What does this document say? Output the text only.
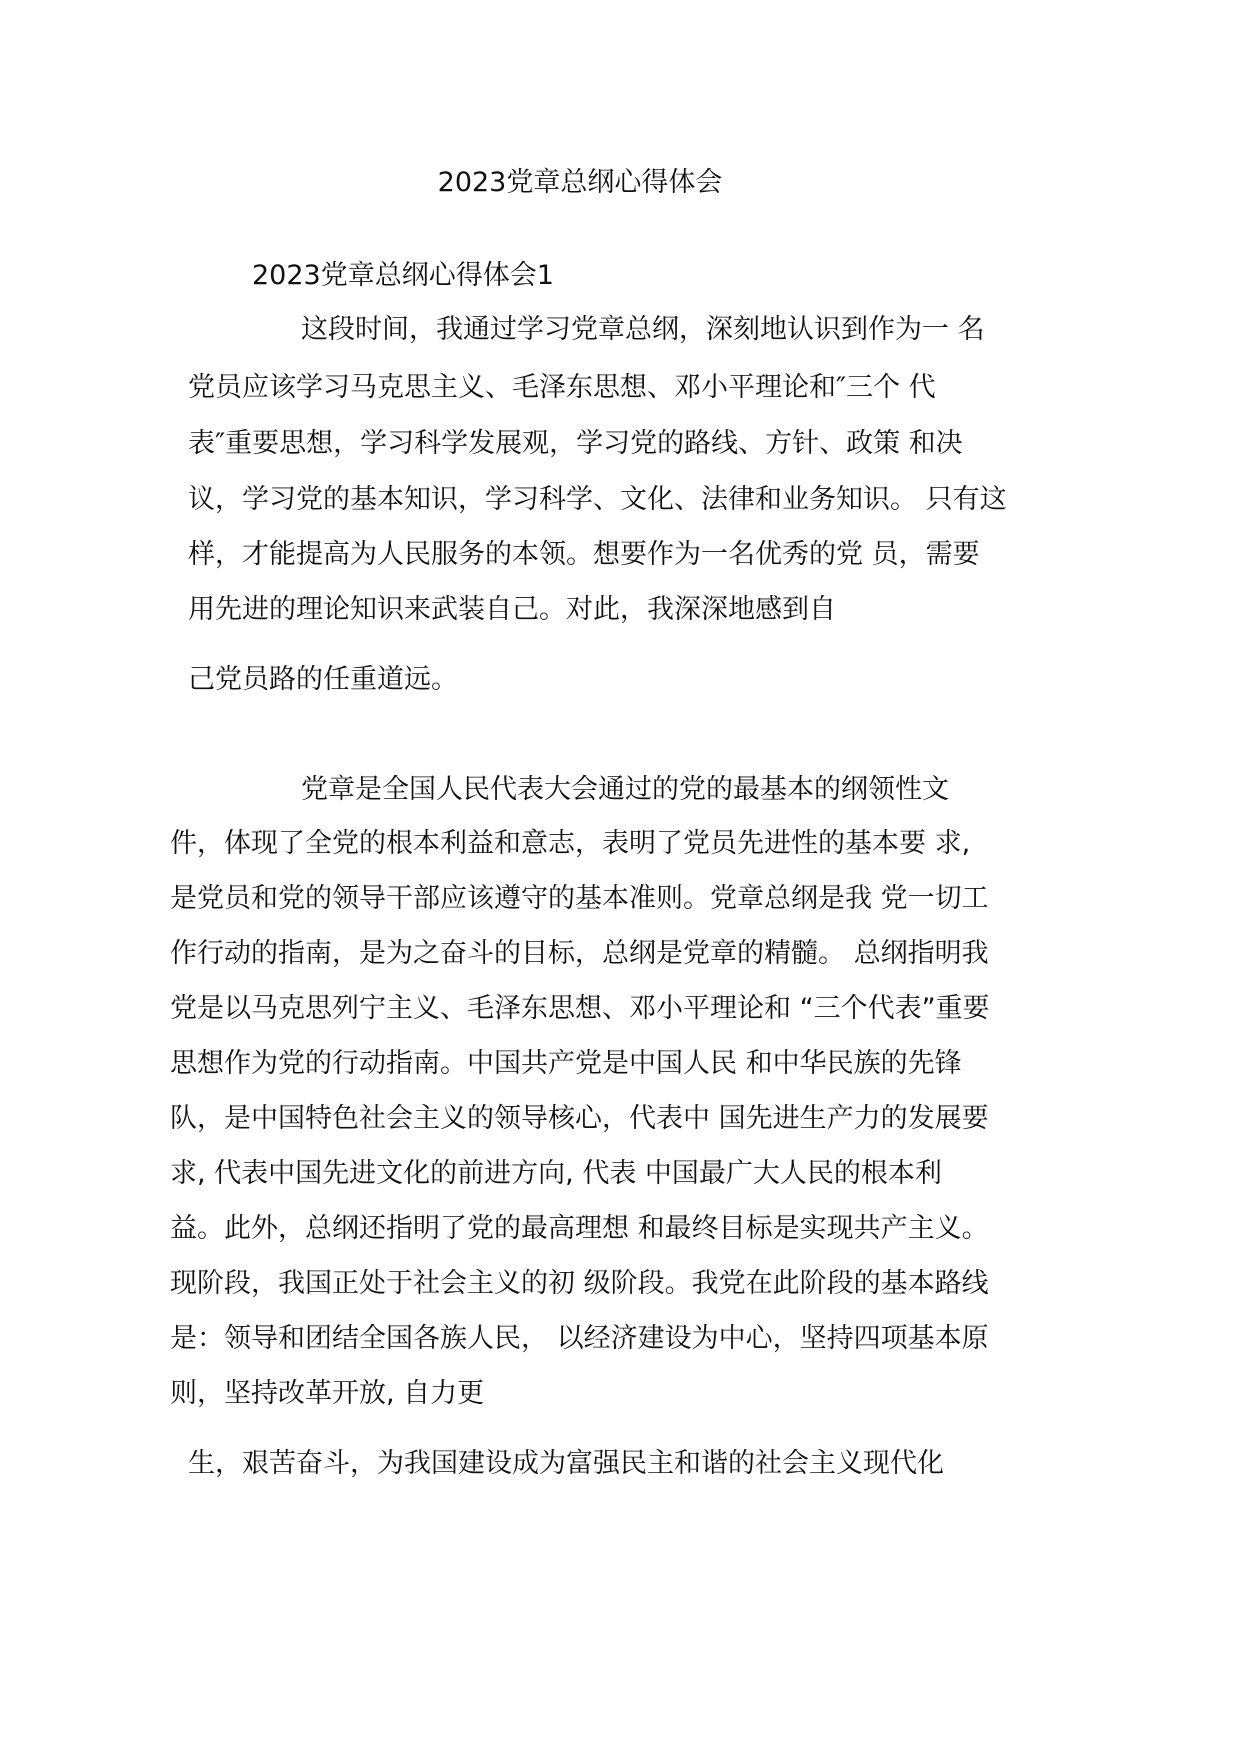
2023党章总纲心得体会
2023党章总纲心得体会1
这段时间，我通过学习党章总纲，深刻地认识到作为一 名
党员应该学习马克思主义、毛泽东思想、邓小平理论和″三个 代
表″重要思想，学习科学发展观，学习党的路线、方针、政策 和决
议，学习党的基本知识，学习科学、文化、法律和业务知识。 只有这
样，才能提高为人民服务的本领。想要作为一名优秀的党 员，需要
用先进的理论知识来武装自己。对此，我深深地感到自
己党员路的任重道远。
党章是全国人民代表大会通过的党的最基本的纲领性文
件，体现了全党的根本利益和意志，表明了党员先进性的基本要 求,
是党员和党的领导干部应该遵守的基本准则。党章总纲是我 党一切工
作行动的指南，是为之奋斗的目标，总纲是党章的精髓。 总纲指明我
党是以马克思列宁主义、毛泽东思想、邓小平理论和 “三个代表”重要
思想作为党的行动指南。中国共产党是中国人民 和中华民族的先锋
队，是中国特色社会主义的领导核心，代表中 国先进生产力的发展要
求, 代表中国先进文化的前进方向, 代表 中国最广大人民的根本利
益。此外，总纲还指明了党的最高理想 和最终目标是实现共产主义。
现阶段，我国正处于社会主义的初 级阶段。我党在此阶段的基本路线
是：领导和团结全国各族人民， 以经济建设为中心，坚持四项基本原
则，坚持改革开放, 自力更
生，艰苦奋斗，为我国建设成为富强民主和谐的社会主义现代化
